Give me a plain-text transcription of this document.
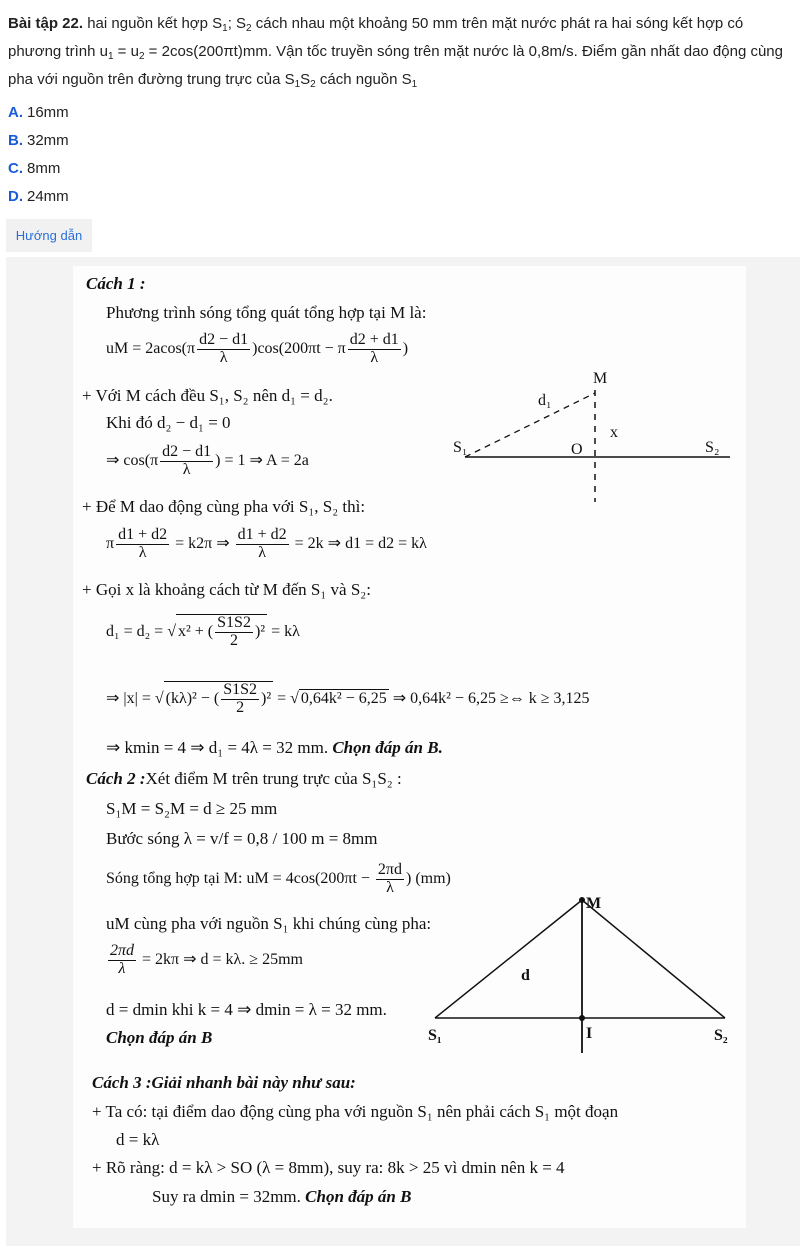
Bài tập 22. hai nguồn kết hợp $S_1$; $S_2$ cách nhau một khoảng 50 mm trên mặt nước phát ra hai sóng kết hợp có phương trình $u_1 = u_2 = 2\cos(200\pi t)mm$. Vận tốc truyền sóng trên mặt nước là 0,8m/s. Điểm gần nhất dao động cùng pha với nguồn trên đường trung trực của $S_1S_2$ cách nguồn $S_1$
A. 16mm
B. 32mm
C. 8mm
D. 24mm
Hướng dẫn
Cách 1 :
Phương trình sóng tổng quát tổng hợp tại M là:
uM = $2acos(\pi \frac{d2 - d1}{\lambda} )\cos(200\pi t - \pi \frac{d2 + d1}{\lambda}$ )
+ Với M cách đều S₁, S₂ nên d₁ = d₂.
Khi đó d₂ − d₁ = 0
⇒ $\cos(\pi \frac{d2 - d1}{\lambda}$ ) = 1 ⇒ A = 2a
+ Để M dao động cùng pha với S₁, S₂ thì:
π $\frac{d1 + d2}{\lambda} = k2\pi$ ⇒ $\frac{d1 + d2}{\lambda} = 2k$ ⇒ d1 = d2 = kλ
+ Gọi x là khoảng cách từ M đến S₁ và S₂:
d₁ = d₂ = √ x² + ( $\frac{S1S2}{2} )^2 = k\lambda$
⇒ |x| = √ (kλ)² − ( $\frac{S1S2}{2} )^2$ = √ 0,64k² − 6,25 ⇒ 0,64k² − 6,25 ≥⇔ k ≥ 3,125
⇒ kmin = 4 ⇒ d₁ = 4λ = 32 mm. Chọn đáp án B.
M
d₁
x
O
S₁	S₂
Cách 2 :Xét điểm M trên trung trực của S₁S₂ :
S₁M = S₂M = d ≥ 25 mm
Bước sóng λ = v/f = 0,8 / 100 m = 8mm
Sóng tổng hợp tại M: uM = $4\cos(200\pi t - \frac{2\pi d}{\lambda}$ ) (mm)
uM cùng pha với nguồn S₁ khi chúng cùng pha:
$\frac{2\pi d}{\lambda} = 2k\pi$ ⇒ d = kλ. ≥ 25mm
d = dmin khi k = 4 ⇒ dmin = λ = 32 mm.
Chọn đáp án B
M
d
S₁	I	S₂
Cách 3 :Giải nhanh bài này như sau:
+ Ta có: tại điểm dao động cùng pha với nguồn S₁ nên phải cách S₁ một đoạn
d = kλ
+ Rõ ràng: d = kλ > SO (λ = 8mm), suy ra: 8k > 25 vì dmin nên k = 4
Suy ra dmin = 32mm. Chọn đáp án B
